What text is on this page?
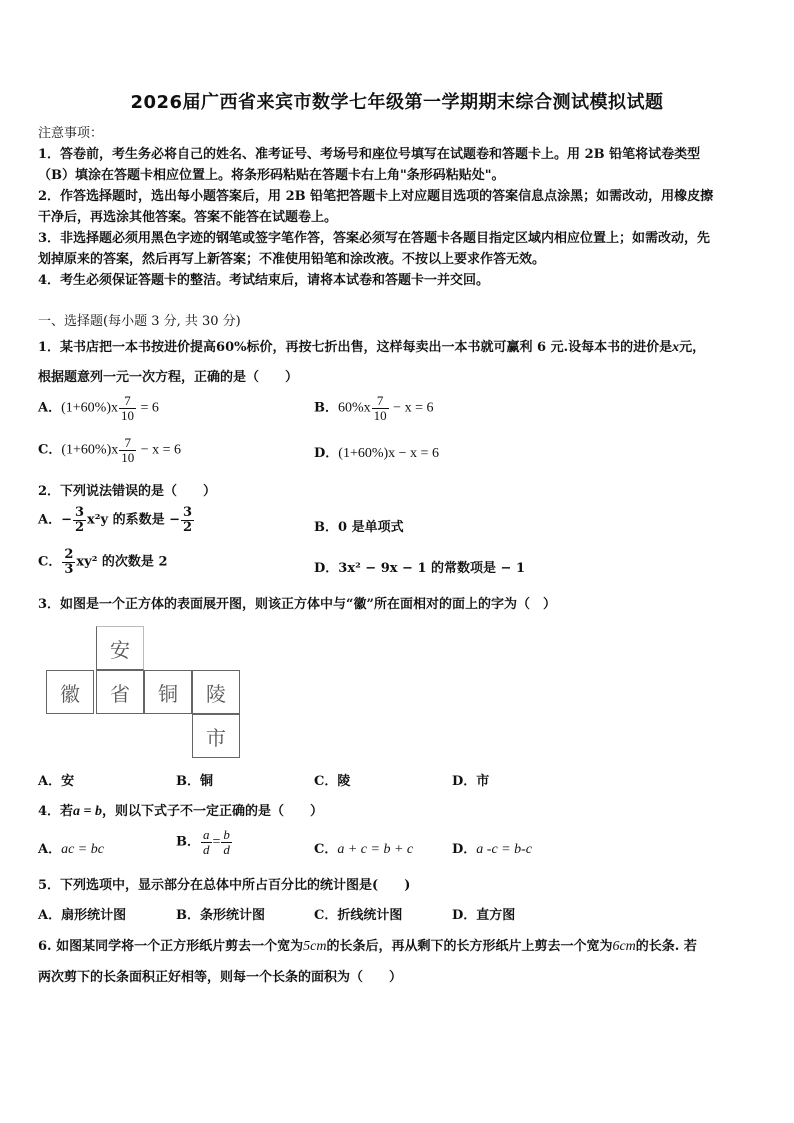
2026届广西省来宾市数学七年级第一学期期末综合测试模拟试题
注意事项：
1．答卷前，考生务必将自己的姓名、准考证号、考场号和座位号填写在试题卷和答题卡上。用 2B 铅笔将试卷类型
（B）填涂在答题卡相应位置上。将条形码粘贴在答题卡右上角"条形码粘贴处"。
2．作答选择题时，选出每小题答案后，用 2B 铅笔把答题卡上对应题目选项的答案信息点涂黑；如需改动，用橡皮擦
干净后，再选涂其他答案。答案不能答在试题卷上。
3．非选择题必须用黑色字迹的钢笔或签字笔作答，答案必须写在答题卡各题目指定区域内相应位置上；如需改动，先
划掉原来的答案，然后再写上新答案；不准使用铅笔和涂改液。不按以上要求作答无效。
4．考生必须保证答题卡的整洁。考试结束后，请将本试卷和答题卡一并交回。
一、选择题(每小题 3 分, 共 30 分)
1．某书店把一本书按进价提高60%标价，再按七折出售，这样每卖出一本书就可赢利 6 元.设每本书的进价是x元，
根据题意列一元一次方程，正确的是（　　）
A．$(1+60\%)x \frac{7}{10} = 6$	B．$60\%x \frac{7}{10} - x = 6$
C．$(1+60\%)x \frac{7}{10} - x = 6$	D．(1+60%)x − x = 6
2．下列说法错误的是（　　）
A．− $\frac{3}{2} x^2y$ 的系数是 − $\frac{3}{2}$	B．0 是单项式
C． $\frac{2}{3} xy^2$ 的次数是 2	D．3x² − 9x − 1 的常数项是 − 1
3．如图是一个正方体的表面展开图，则该正方体中与“徽”所在面相对的面上的字为（　）
安
徽	省	铜	陵
市
A．安	B．铜	C．陵	D．市
4．若a = b，则以下式子不一定正确的是（　　）
A．ac = bc	B． $\frac{a}{d} = \frac{b}{d}$	C．a + c = b + c	D．a -c = b-c
5．下列选项中，显示部分在总体中所占百分比的统计图是(　　)
A．扇形统计图	B．条形统计图	C．折线统计图	D．直方图
6. 如图某同学将一个正方形纸片剪去一个宽为5cm的长条后，再从剩下的长方形纸片上剪去一个宽为6cm的长条. 若
两次剪下的长条面积正好相等，则每一个长条的面积为（　　）
